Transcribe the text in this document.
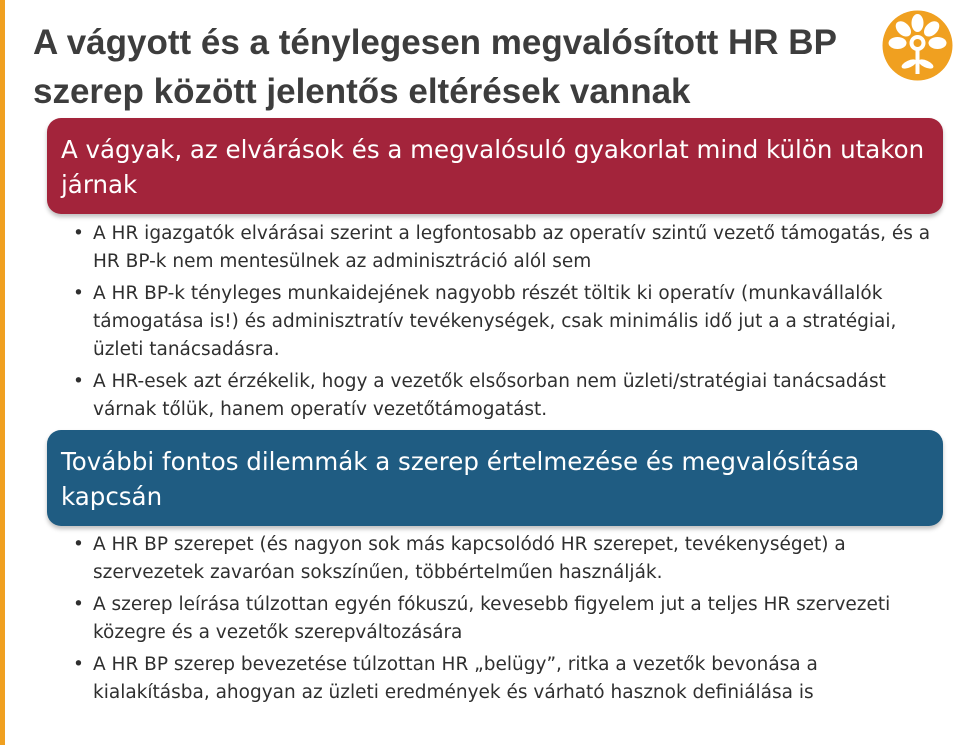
A vágyott és a ténylegesen megvalósított HR BP szerep között jelentős eltérések vannak
A vágyak, az elvárások és a megvalósuló gyakorlat mind külön utakon járnak
• A HR igazgatók elvárásai szerint a legfontosabb az operatív szintű vezető támogatás, és a HR BP-k nem mentesülnek az adminisztráció alól sem
• A HR BP-k tényleges munkaidejének nagyobb részét töltik ki operatív (munkavállalók támogatása is!) és adminisztratív tevékenységek, csak minimális idő jut a a stratégiai, üzleti tanácsadásra.
• A HR-esek azt érzékelik, hogy a vezetők elsősorban nem üzleti/stratégiai tanácsadást várnak tőlük, hanem operatív vezetőtámogatást.
További fontos dilemmák a szerep értelmezése és megvalósítása kapcsán
• A HR BP szerepet (és nagyon sok más kapcsolódó HR szerepet, tevékenységet) a szervezetek zavaróan sokszínűen, többértelműen használják.
• A szerep leírása túlzottan egyén fókuszú, kevesebb figyelem jut a teljes HR szervezeti közegre és a vezetők szerepváltozására
• A HR BP szerep bevezetése túlzottan HR „belügy”, ritka a vezetők bevonása a kialakításba, ahogyan az üzleti eredmények és várható hasznok definiálása is
